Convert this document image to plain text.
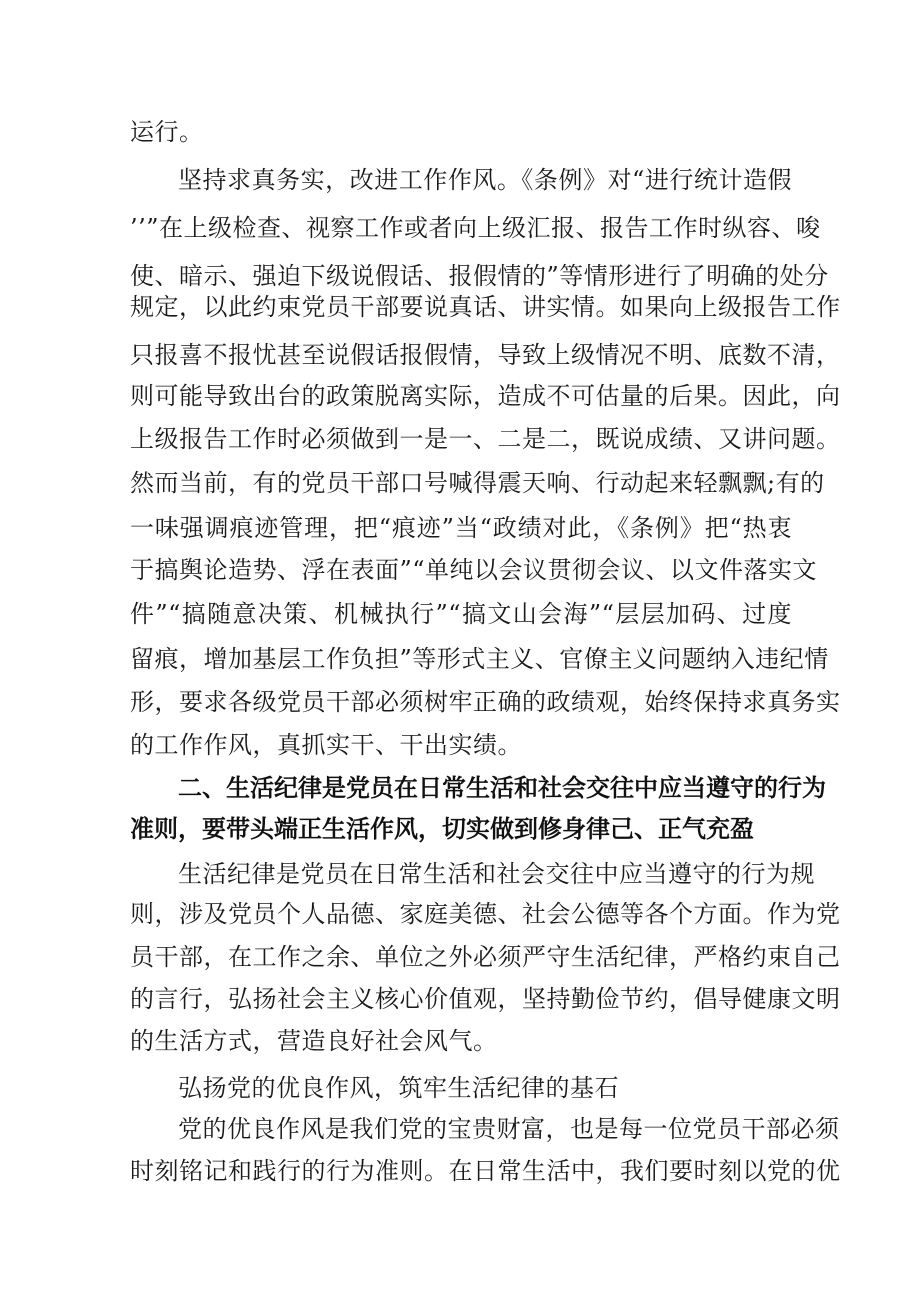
运行。
坚持求真务实，改进工作作风。《条例》对“进行统计造假
’’”在上级检查、视察工作或者向上级汇报、报告工作时纵容、唆
使、暗示、强迫下级说假话、报假情的”等情形进行了明确的处分
规定，以此约束党员干部要说真话、讲实情。如果向上级报告工作
只报喜不报忧甚至说假话报假情，导致上级情况不明、底数不清，
则可能导致出台的政策脱离实际，造成不可估量的后果。因此，向
上级报告工作时必须做到一是一、二是二，既说成绩、又讲问题。
然而当前，有的党员干部口号喊得震天响、行动起来轻飘飘;有的
一味强调痕迹管理，把“痕迹”当“政绩对此，《条例》把“热衷
于搞舆论造势、浮在表面”“单纯以会议贯彻会议、以文件落实文
件”“搞随意决策、机械执行”“搞文山会海”“层层加码、过度
留痕，增加基层工作负担”等形式主义、官僚主义问题纳入违纪情
形，要求各级党员干部必须树牢正确的政绩观，始终保持求真务实
的工作作风，真抓实干、干出实绩。
二、生活纪律是党员在日常生活和社会交往中应当遵守的行为
准则，要带头端正生活作风，切实做到修身律己、正气充盈
生活纪律是党员在日常生活和社会交往中应当遵守的行为规
则，涉及党员个人品德、家庭美德、社会公德等各个方面。作为党
员干部，在工作之余、单位之外必须严守生活纪律，严格约束自己
的言行，弘扬社会主义核心价值观，坚持勤俭节约，倡导健康文明
的生活方式，营造良好社会风气。
弘扬党的优良作风，筑牢生活纪律的基石
党的优良作风是我们党的宝贵财富，也是每一位党员干部必须
时刻铭记和践行的行为准则。在日常生活中，我们要时刻以党的优
